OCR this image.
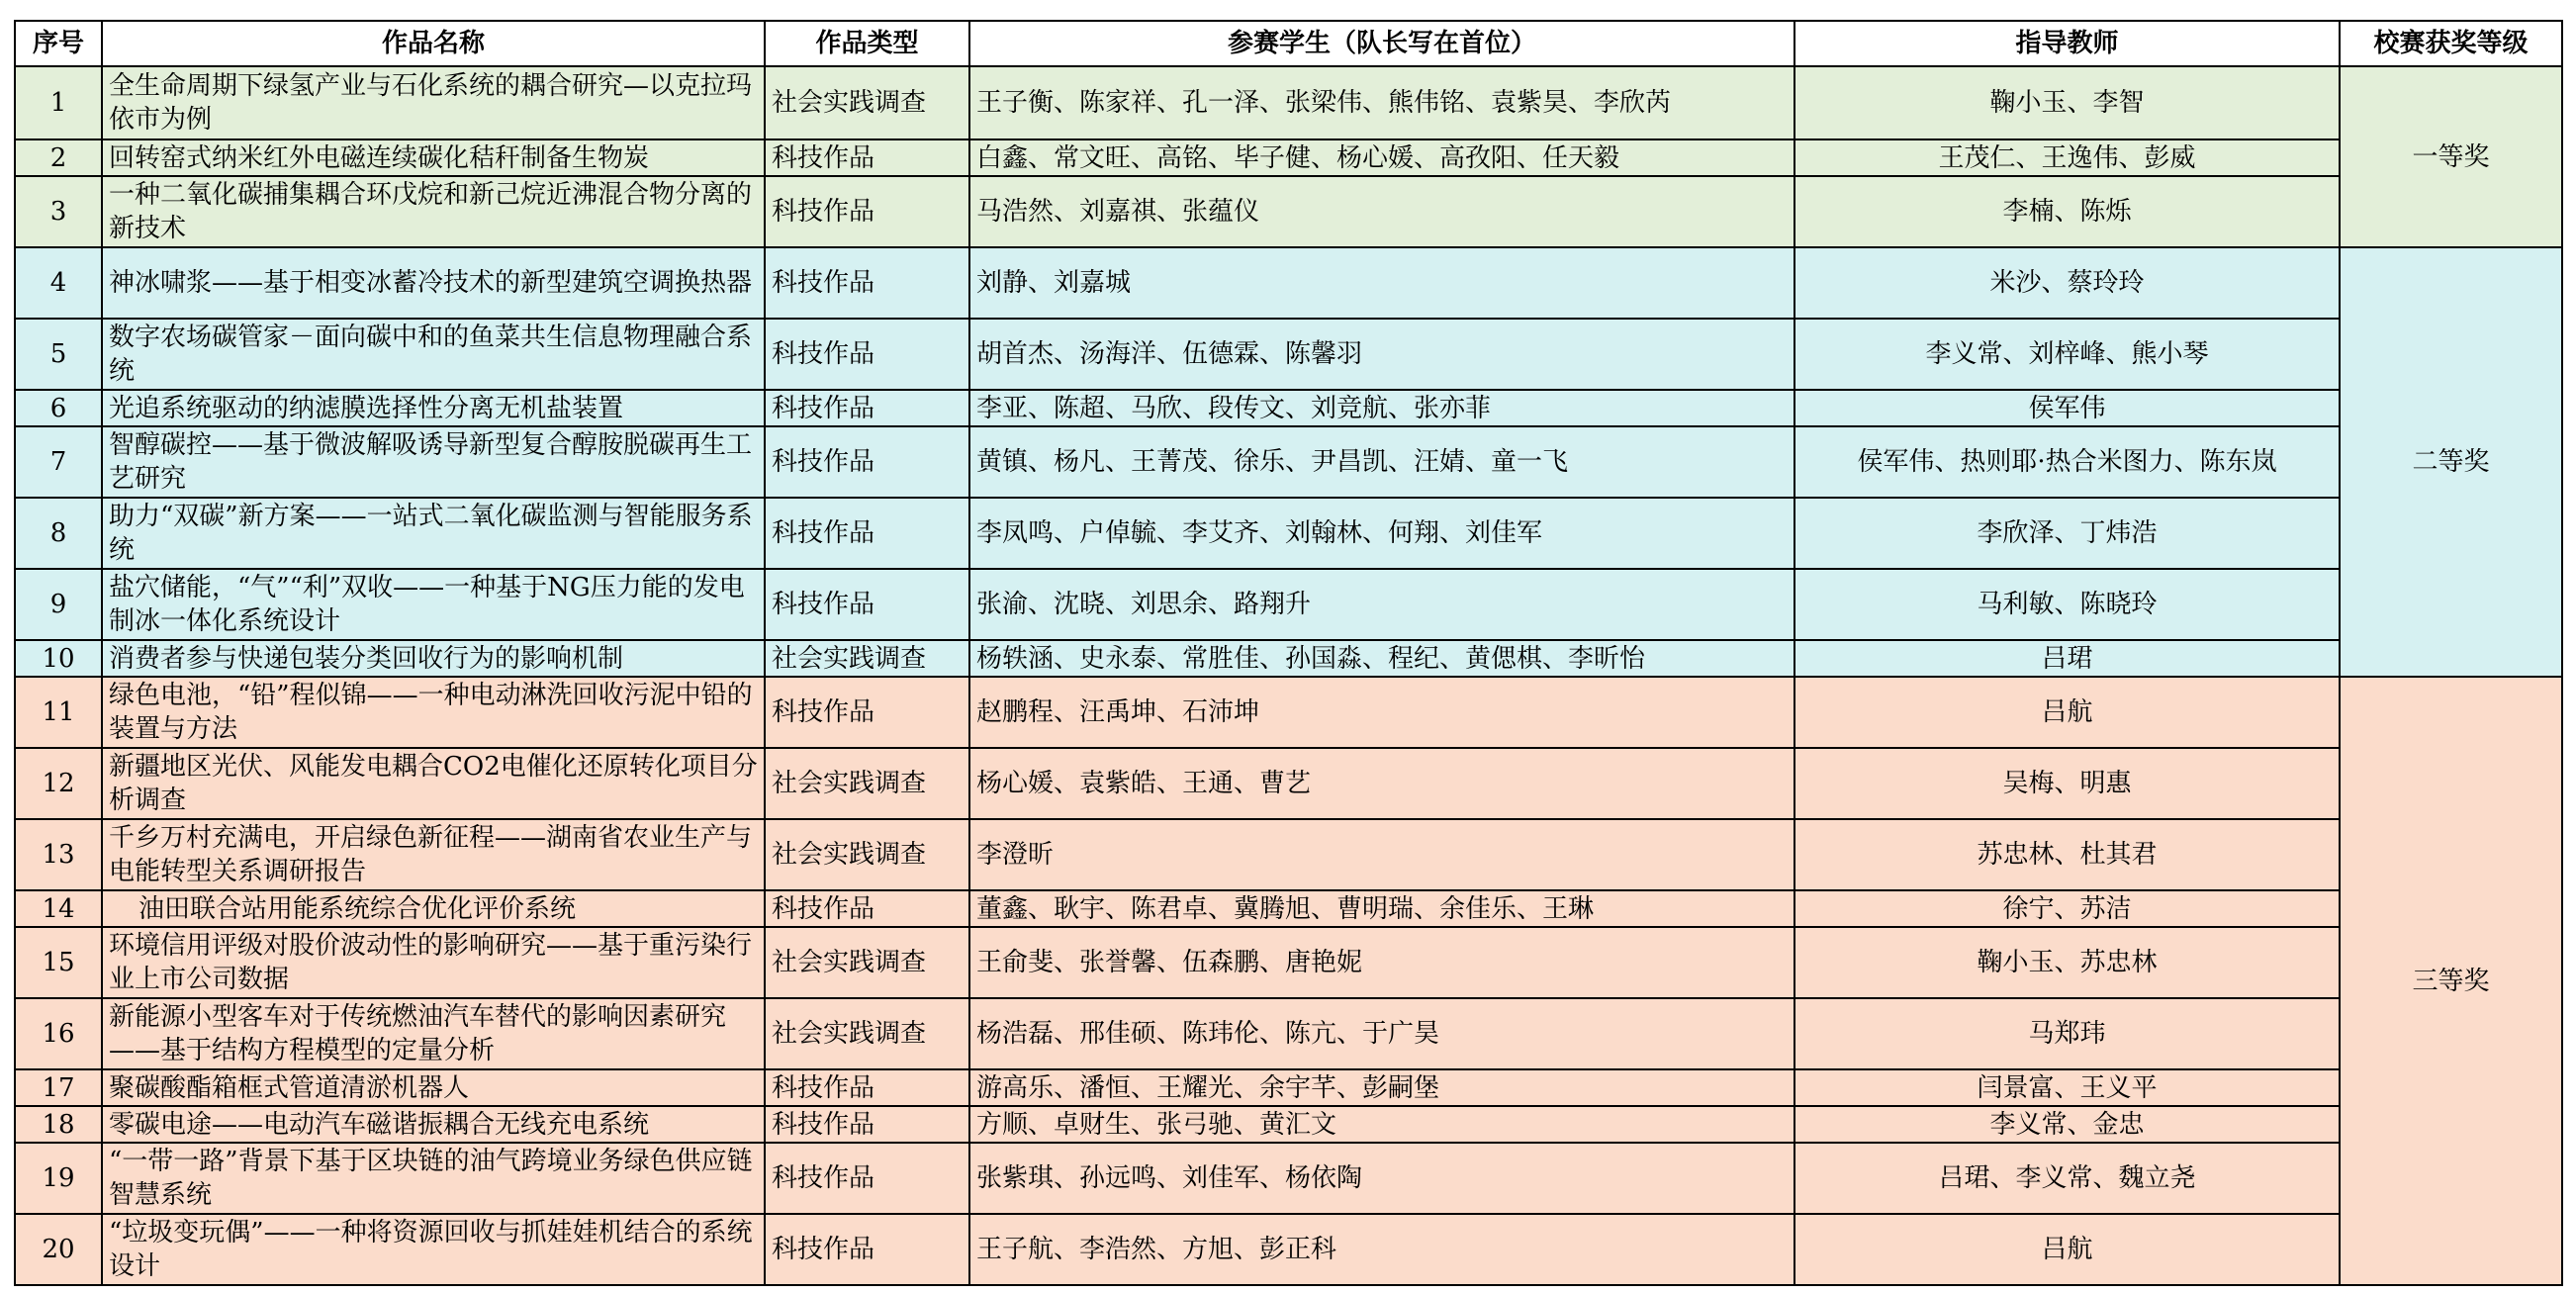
序号	作品名称	作品类型	参赛学生（队长写在首位）	指导教师	校赛获奖等级
1	全生命周期下绿氢产业与石化系统的耦合研究—以克拉玛依市为例	社会实践调查	王子衡、陈家祥、孔一泽、张梁伟、熊伟铭、袁紫昊、李欣芮	鞠小玉、李智	一等奖
2	回转窑式纳米红外电磁连续碳化秸秆制备生物炭	科技作品	白鑫、常文旺、高铭、毕子健、杨心媛、高孜阳、任天毅	王茂仁、王逸伟、彭威	
3	一种二氧化碳捕集耦合环戊烷和新己烷近沸混合物分离的新技术	科技作品	马浩然、刘嘉祺、张蕴仪	李楠、陈烁	
4	神冰啸浆——基于相变冰蓄冷技术的新型建筑空调换热器	科技作品	刘静、刘嘉城	米沙、蔡玲玲	二等奖
5	数字农场碳管家－面向碳中和的鱼菜共生信息物理融合系统	科技作品	胡首杰、汤海洋、伍德霖、陈馨羽	李义常、刘梓峰、熊小琴	
6	光追系统驱动的纳滤膜选择性分离无机盐装置	科技作品	李亚、陈超、马欣、段传文、刘竞航、张亦菲	侯军伟	
7	智醇碳控——基于微波解吸诱导新型复合醇胺脱碳再生工艺研究	科技作品	黄镇、杨凡、王菁茂、徐乐、尹昌凯、汪婧、童一飞	侯军伟、热则耶·热合米图力、陈东岚	
8	助力“双碳”新方案——一站式二氧化碳监测与智能服务系统	科技作品	李凤鸣、户倬毓、李艾齐、刘翰林、何翔、刘佳军	李欣泽、丁炜浩	
9	盐穴储能，“气”“利”双收——一种基于NG压力能的发电制冰一体化系统设计	科技作品	张渝、沈晓、刘思余、路翔升	马利敏、陈晓玲	
10	消费者参与快递包装分类回收行为的影响机制	社会实践调查	杨轶涵、史永泰、常胜佳、孙国淼、程纪、黄偲棋、李昕怡	吕珺	
11	绿色电池，“铅”程似锦——一种电动淋洗回收污泥中铅的装置与方法	科技作品	赵鹏程、汪禹坤、石沛坤	吕航	三等奖
12	新疆地区光伏、风能发电耦合CO2电催化还原转化项目分析调查	社会实践调查	杨心媛、袁紫皓、王通、曹艺	吴梅、明惠	
13	千乡万村充满电，开启绿色新征程——湖南省农业生产与电能转型关系调研报告	社会实践调查	李澄昕	苏忠林、杜其君	
14	油田联合站用能系统综合优化评价系统	科技作品	董鑫、耿宇、陈君卓、冀腾旭、曹明瑞、余佳乐、王琳	徐宁、苏洁	
15	环境信用评级对股价波动性的影响研究——基于重污染行业上市公司数据	社会实践调查	王俞斐、张誉馨、伍森鹏、唐艳妮	鞠小玉、苏忠林	
16	新能源小型客车对于传统燃油汽车替代的影响因素研究——基于结构方程模型的定量分析	社会实践调查	杨浩磊、邢佳硕、陈玮伦、陈亢、于广昊	马郑玮	
17	聚碳酸酯箱框式管道清淤机器人	科技作品	游高乐、潘恒、王耀光、余宇芊、彭嗣堡	闫景富、王义平	
18	零碳电途——电动汽车磁谐振耦合无线充电系统	科技作品	方顺、卓财生、张弓驰、黄汇文	李义常、金忠	
19	“一带一路”背景下基于区块链的油气跨境业务绿色供应链智慧系统	科技作品	张紫琪、孙远鸣、刘佳军、杨依陶	吕珺、李义常、魏立尧	
20	“垃圾变玩偶”——一种将资源回收与抓娃娃机结合的系统设计	科技作品	王子航、李浩然、方旭、彭正科	吕航	
